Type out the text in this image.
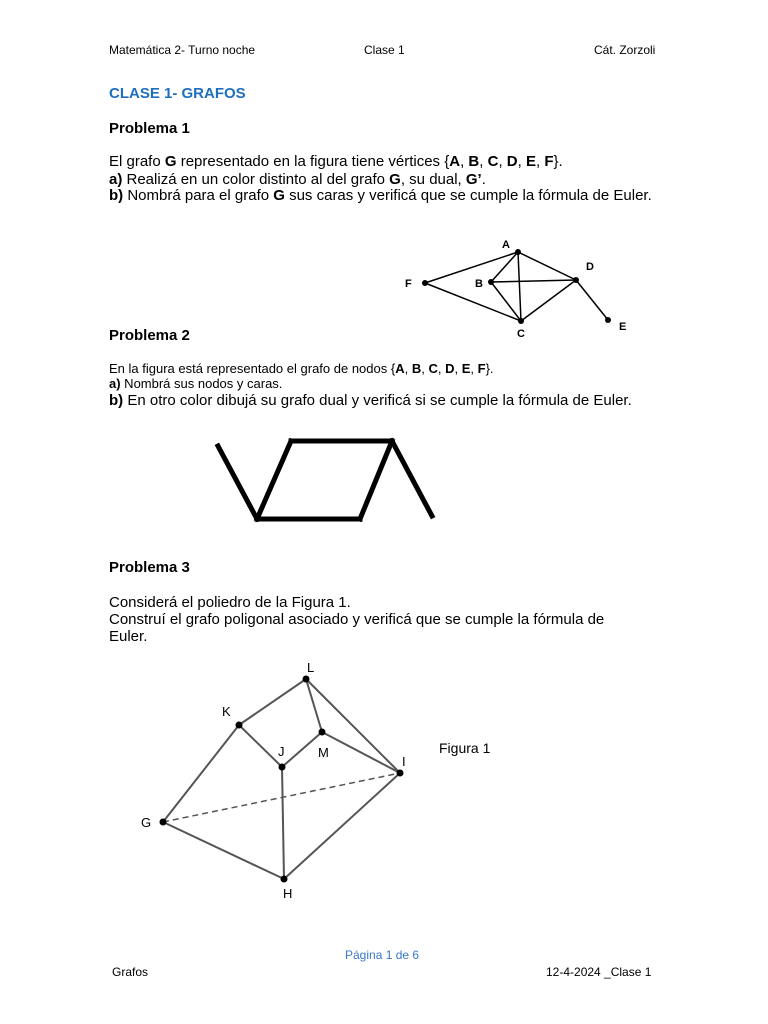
Matemática 2- Turno noche	Clase 1	Cát. Zorzoli
CLASE 1- GRAFOS
Problema 1
El grafo G representado en la figura tiene vértices {A, B, C, D, E, F}.
a) Realizá en un color distinto al del grafo G, su dual, G’.
b) Nombrá para el grafo G sus caras y verificá que se cumple la fórmula de Euler.
A
B
C
D
E
F
Problema 2
En la figura está representado el grafo de nodos {A, B, C, D, E, F}.
a) Nombrá sus nodos y caras.
b) En otro color dibujá su grafo dual y verificá si se cumple la fórmula de Euler.
Problema 3
Considerá el poliedro de la Figura 1.
Construí el grafo poligonal asociado y verificá que se cumple la fórmula de
Euler.
L
K
J	M
I
G
H
Figura 1
Página 1 de 6
Grafos	12-4-2024 _Clase 1
